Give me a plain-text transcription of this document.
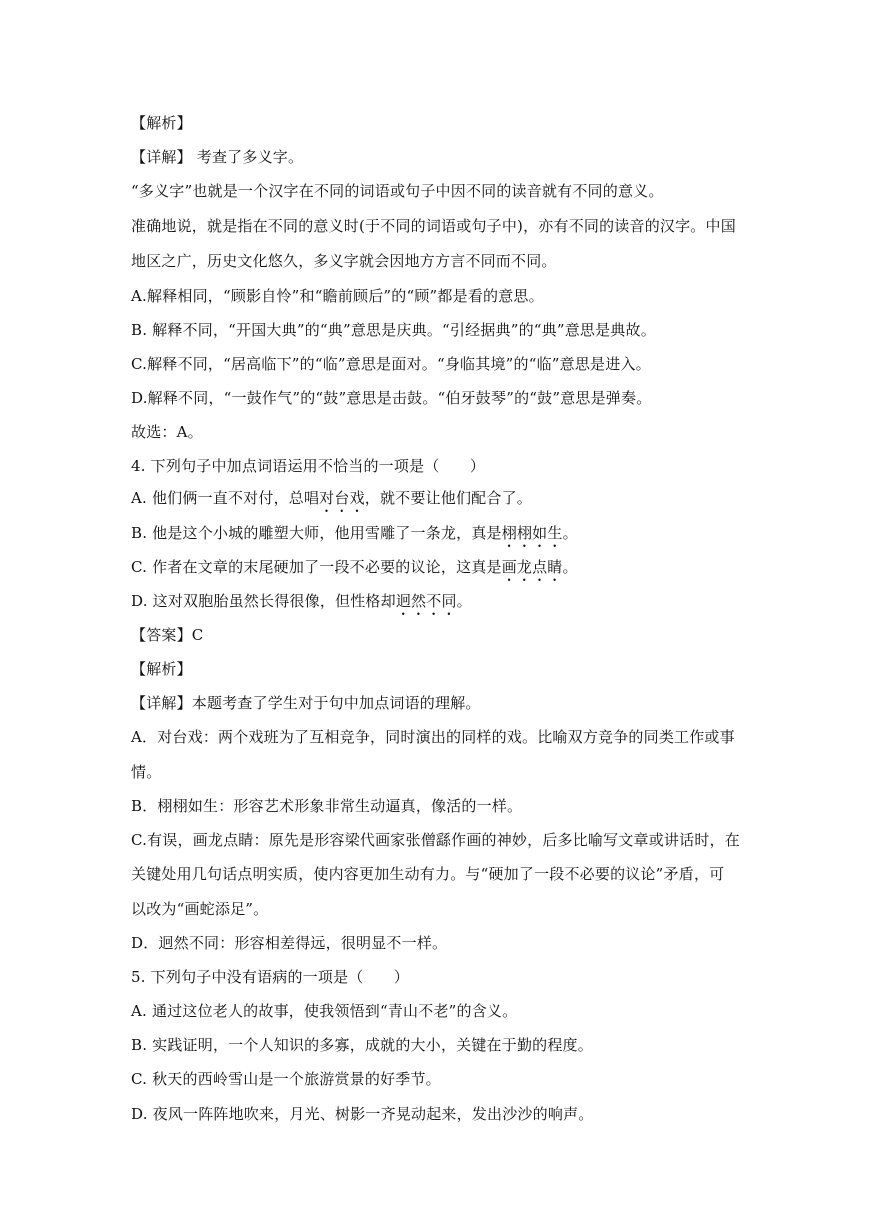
【解析】
【详解】 考查了多义字。
“多义字”也就是一个汉字在不同的词语或句子中因不同的读音就有不同的意义。
准确地说，就是指在不同的意义时(于不同的词语或句子中)，亦有不同的读音的汉字。中国
地区之广，历史文化悠久，多义字就会因地方方言不同而不同。
A.解释相同，“顾影自怜”和“瞻前顾后”的“顾”都是看的意思。
B. 解释不同，“开国大典”的“典”意思是庆典。“引经据典”的“典”意思是典故。
C.解释不同，“居高临下”的“临”意思是面对。“身临其境”的“临”意思是进入。
D.解释不同，“一鼓作气”的“鼓”意思是击鼓。“伯牙鼓琴”的“鼓”意思是弹奏。
故选：A。
4. 下列句子中加点词语运用不恰当的一项是（　　）
A. 他们俩一直不对付，总唱对台戏，就不要让他们配合了。
B. 他是这个小城的雕塑大师，他用雪雕了一条龙，真是栩栩如生。
C. 作者在文章的末尾硬加了一段不必要的议论，这真是画龙点睛。
D. 这对双胞胎虽然长得很像，但性格却迥然不同。
【答案】C
【解析】
【详解】本题考查了学生对于句中加点词语的理解。
A．对台戏：两个戏班为了互相竞争，同时演出的同样的戏。比喻双方竞争的同类工作或事
情。
B．栩栩如生：形容艺术形象非常生动逼真，像活的一样。
C.有误，画龙点睛：原先是形容梁代画家张僧繇作画的神妙，后多比喻写文章或讲话时，在
关键处用几句话点明实质，使内容更加生动有力。与“硬加了一段不必要的议论”矛盾，可
以改为“画蛇添足”。
D．迥然不同：形容相差得远，很明显不一样。
5. 下列句子中没有语病的一项是（　　）
A. 通过这位老人的故事，使我领悟到“青山不老”的含义。
B. 实践证明，一个人知识的多寡，成就的大小，关键在于勤的程度。
C. 秋天的西岭雪山是一个旅游赏景的好季节。
D. 夜风一阵阵地吹来，月光、树影一齐晃动起来，发出沙沙的响声。
